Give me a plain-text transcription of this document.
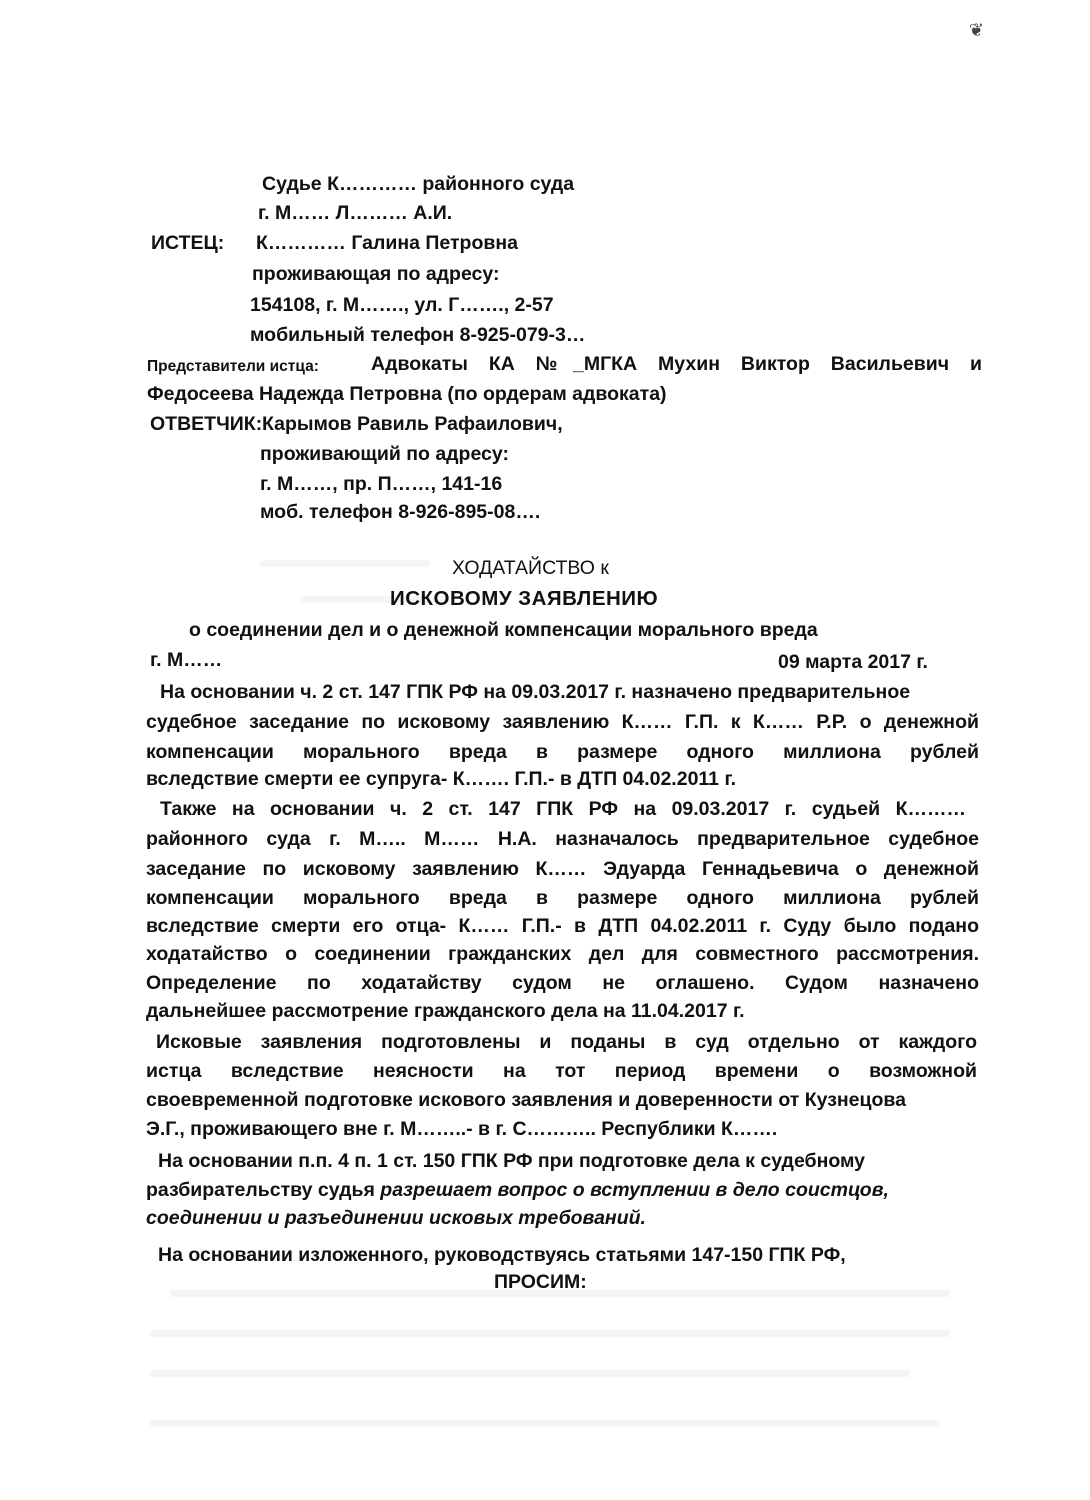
❦
Судье К………… районного суда
г. М…… Л……… А.И.
ИСТЕЦ: К………… Галина Петровна
проживающая по адресу:
154108, г. М……., ул. Г……., 2-57
мобильный телефон 8-925-079-3…
Представители истца:	Адвокаты КА №_МГКА Мухин Виктор Васильевич и
Федосеева Надежда Петровна (по ордерам адвоката)
ОТВЕТЧИК: Карымов Равиль Рафаилович,
проживающий по адресу:
г. М……, пр. П……, 141-16
моб. телефон 8-926-895-08….
ХОДАТАЙСТВО к
ИСКОВОМУ ЗАЯВЛЕНИЮ
о соединении дел и о денежной компенсации морального вреда
г. М……	09 марта 2017 г.
На основании ч. 2 ст. 147 ГПК РФ на 09.03.2017 г. назначено предварительное
судебное заседание по исковому заявлению К…… Г.П. к К…… Р.Р. о денежной
компенсации морального вреда в размере одного миллиона рублей
вследствие смерти ее супруга- К……. Г.П.- в ДТП 04.02.2011 г.
Также на основании ч. 2 ст. 147 ГПК РФ на 09.03.2017 г. судьей К………
районного суда г. М….. М…… Н.А. назначалось предварительное судебное
заседание по исковому заявлению К…… Эдуарда Геннадьевича о денежной
компенсации морального вреда в размере одного миллиона рублей
вследствие смерти его отца- К…… Г.П.- в ДТП 04.02.2011 г. Суду было подано
ходатайство о соединении гражданских дел для совместного рассмотрения.
Определение по ходатайству судом не оглашено. Судом назначено
дальнейшее рассмотрение гражданского дела на 11.04.2017 г.
Исковые заявления подготовлены и поданы в суд отдельно от каждого
истца вследствие неясности на тот период времени о возможной
своевременной подготовке искового заявления и доверенности от Кузнецова
Э.Г., проживающего вне г. М……..- в г. С……….. Республики К…….
На основании п.п. 4 п. 1 ст. 150 ГПК РФ при подготовке дела к судебному
разбирательству судья разрешает вопрос о вступлении в дело соистцов,
соединении и разъединении исковых требований.
На основании изложенного, руководствуясь статьями 147-150 ГПК РФ,
ПРОСИМ:
